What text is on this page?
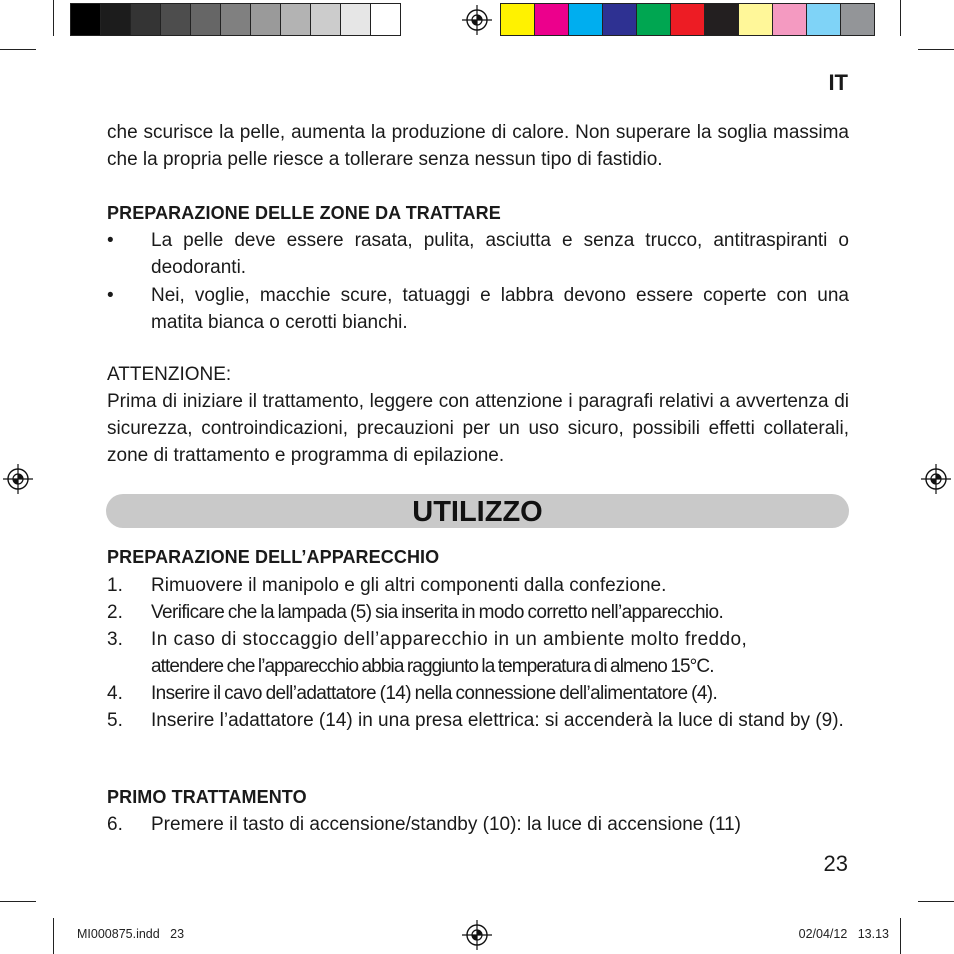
IT
che scurisce la pelle, aumenta la produzione di calore. Non superare la soglia massima che la propria pelle riesce a tollerare senza nessun tipo di fastidio.
PREPARAZIONE DELLE ZONE DA TRATTARE
• La pelle deve essere rasata, pulita, asciutta e senza trucco, antitraspiranti o deodoranti.
• Nei, voglie, macchie scure, tatuaggi e labbra devono essere coperte con una matita bianca o cerotti bianchi.
ATTENZIONE:
Prima di iniziare il trattamento, leggere con attenzione i paragrafi relativi a avvertenza di sicurezza, controindicazioni, precauzioni per un uso sicuro, possibili effetti collaterali, zone di trattamento e programma di epilazione.
UTILIZZO
PREPARAZIONE DELL’APPARECCHIO
1. Rimuovere il manipolo e gli altri componenti dalla confezione.
2. Verificare che la lampada (5) sia inserita in modo corretto nell’apparecchio.
3. In caso di stoccaggio dell’apparecchio in un ambiente molto freddo,
attendere che l’apparecchio abbia raggiunto la temperatura di almeno 15°C.
4. Inserire il cavo dell’adattatore (14) nella connessione dell’alimentatore (4).
5. Inserire l’adattatore (14) in una presa elettrica: si accenderà la luce di stand by (9).
PRIMO TRATTAMENTO
6. Premere il tasto di accensione/standby (10): la luce di accensione (11)
23
MI000875.indd   23	02/04/12   13.13
